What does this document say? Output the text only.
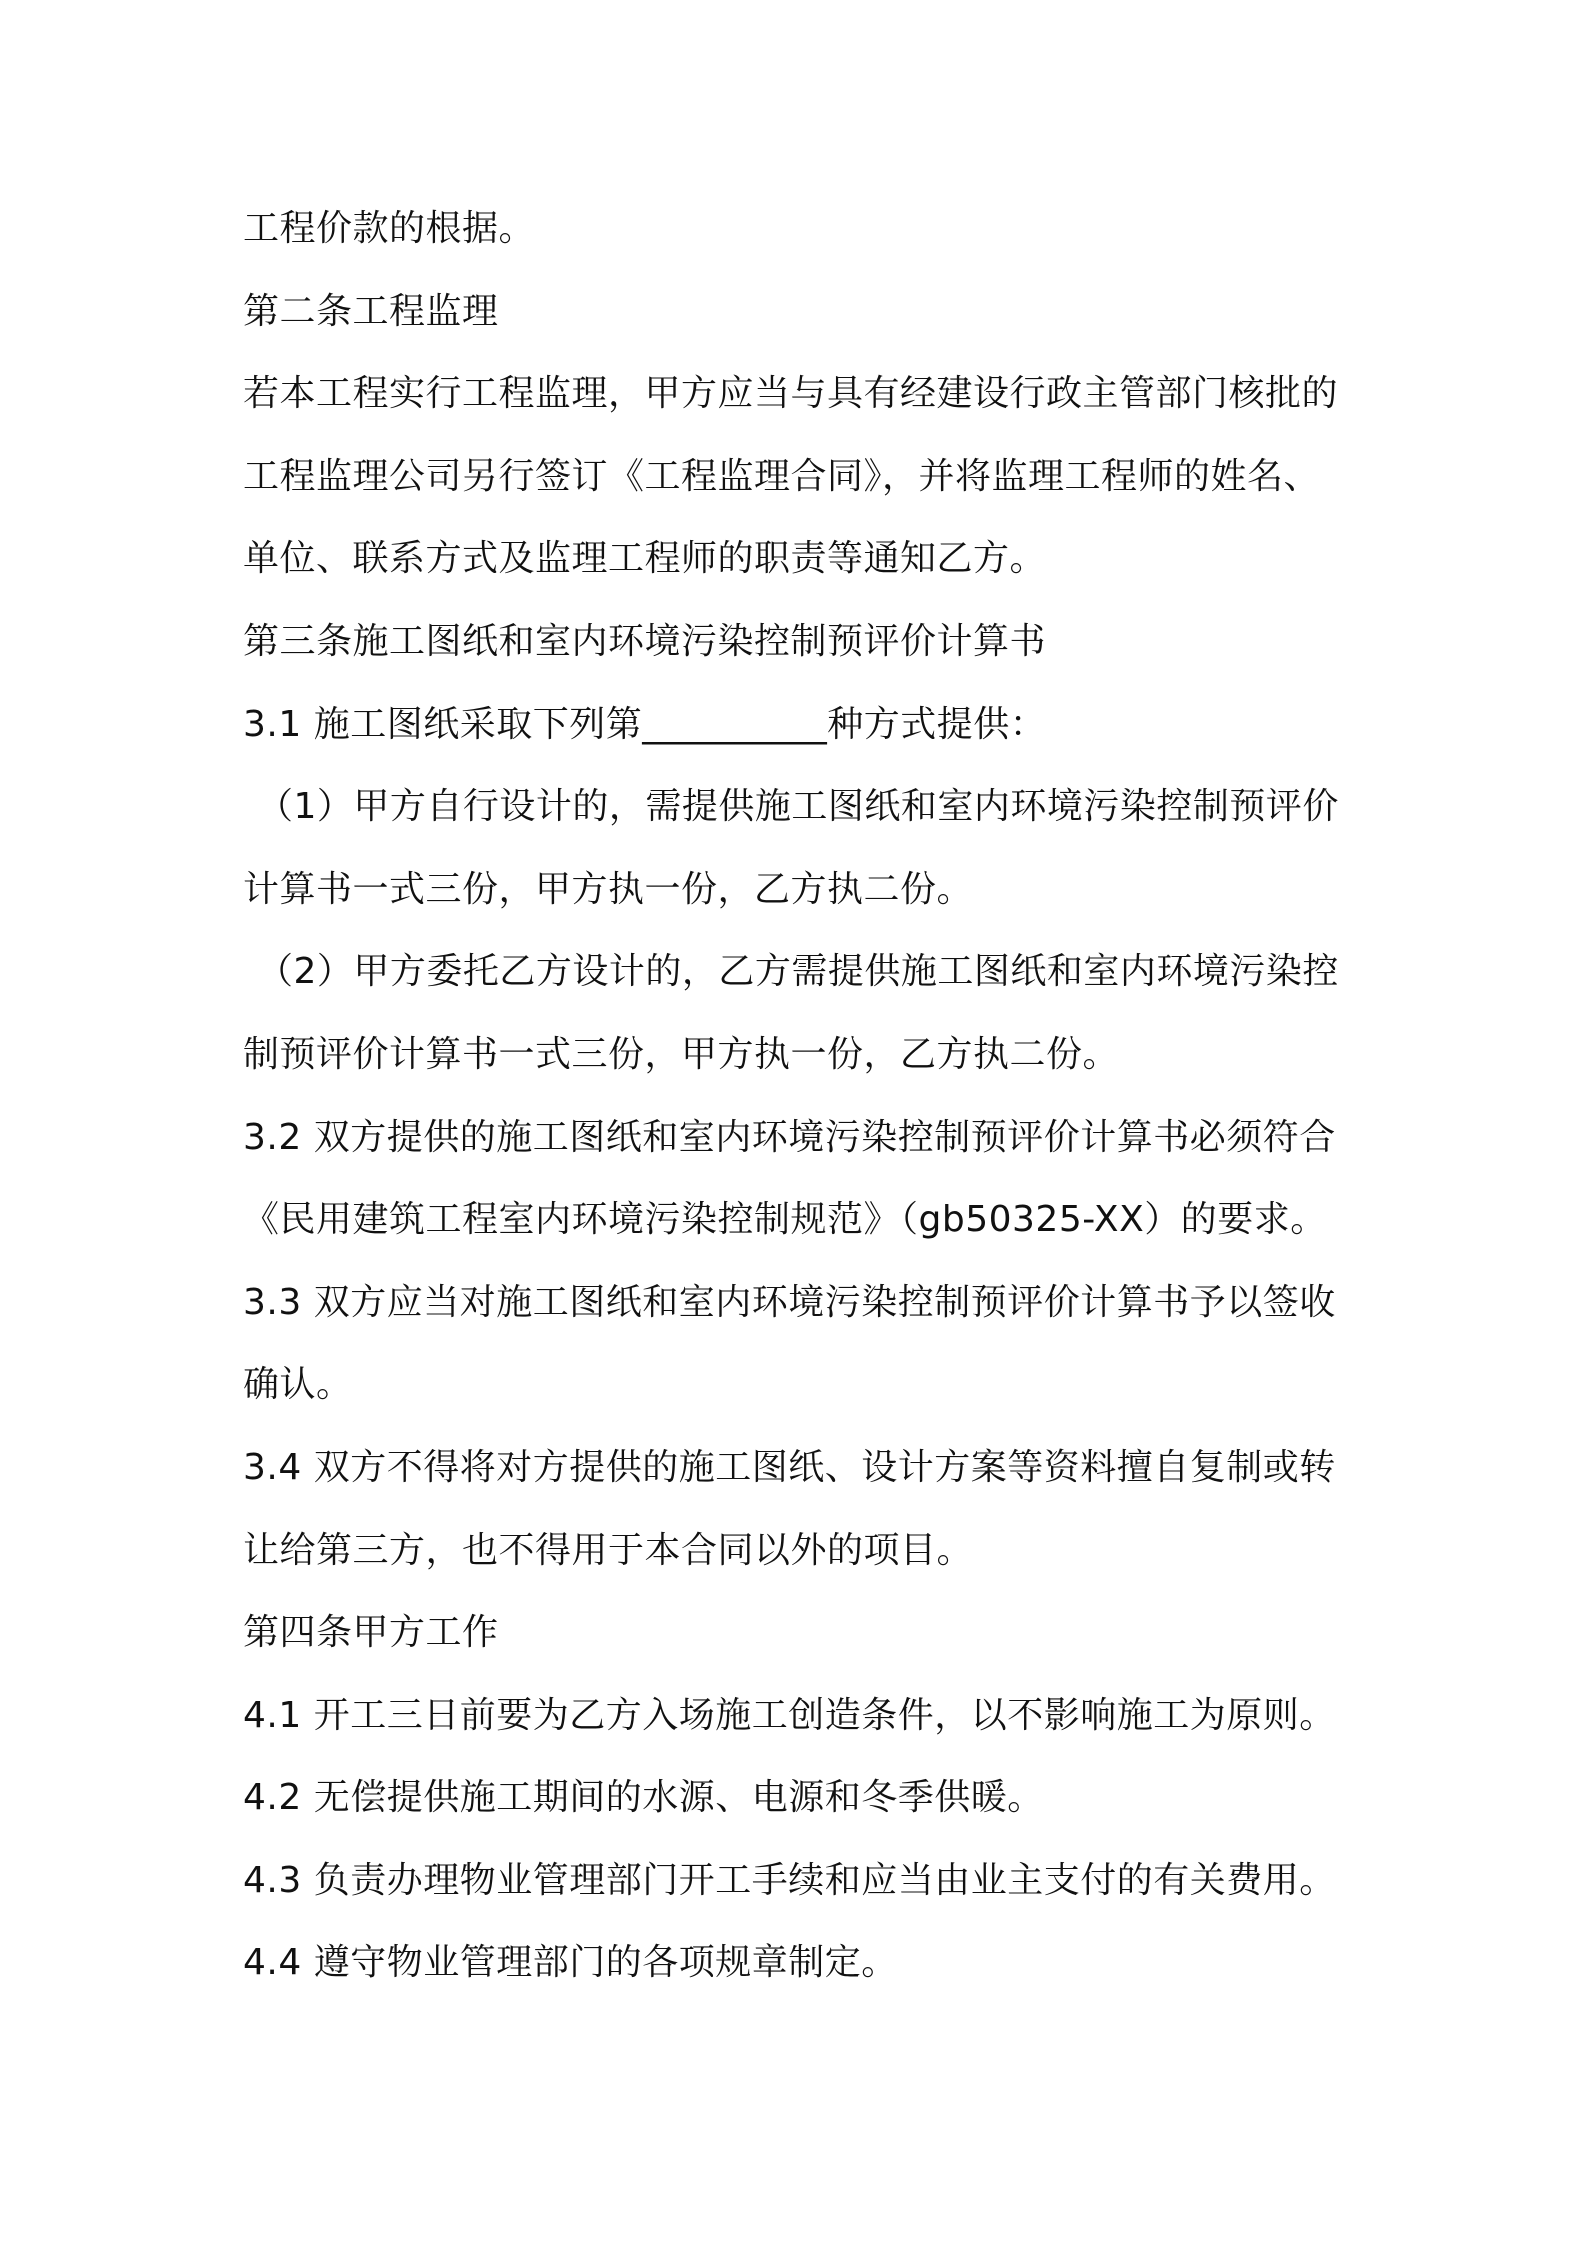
工程价款的根据。
第二条工程监理
若本工程实行工程监理，甲方应当与具有经建设行政主管部门核批的
工程监理公司另行签订《工程监理合同》，并将监理工程师的姓名、
单位、联系方式及监理工程师的职责等通知乙方。
第三条施工图纸和室内环境污染控制预评价计算书
3.1 施工图纸采取下列第__________种方式提供：
（1）甲方自行设计的，需提供施工图纸和室内环境污染控制预评价
计算书一式三份，甲方执一份，乙方执二份。
（2）甲方委托乙方设计的，乙方需提供施工图纸和室内环境污染控
制预评价计算书一式三份，甲方执一份，乙方执二份。
3.2 双方提供的施工图纸和室内环境污染控制预评价计算书必须符合
《民用建筑工程室内环境污染控制规范》（gb50325-XX）的要求。
3.3 双方应当对施工图纸和室内环境污染控制预评价计算书予以签收
确认。
3.4 双方不得将对方提供的施工图纸、设计方案等资料擅自复制或转
让给第三方，也不得用于本合同以外的项目。
第四条甲方工作
4.1 开工三日前要为乙方入场施工创造条件，以不影响施工为原则。
4.2 无偿提供施工期间的水源、电源和冬季供暖。
4.3 负责办理物业管理部门开工手续和应当由业主支付的有关费用。
4.4 遵守物业管理部门的各项规章制定。
